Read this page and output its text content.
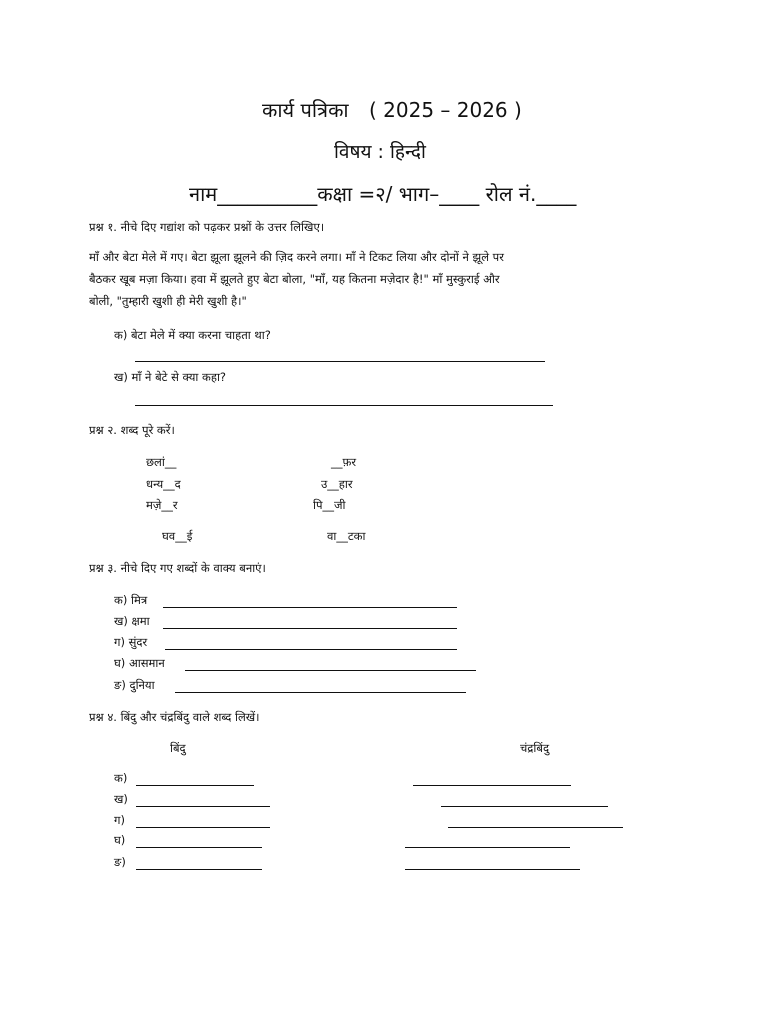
कार्य पत्रिका ( 2025 – 2026 )
विषय : हिन्दी
नाम__________कक्षा =२/ भाग–____ रोल नं.____
प्रश्न १. नीचे दिए गद्यांश को पढ़कर प्रश्नों के उत्तर लिखिए।
माँ और बेटा मेले में गए। बेटा झूला झूलने की ज़िद करने लगा। माँ ने टिकट लिया और दोनों ने झूले पर
बैठकर खूब मज़ा किया। हवा में झूलते हुए बेटा बोला, "माँ, यह कितना मज़ेदार है!" माँ मुस्कुराई और
बोली, "तुम्हारी खुशी ही मेरी खुशी है।"
क) बेटा मेले में क्या करना चाहता था?
ख) माँ ने बेटे से क्या कहा?
प्रश्न २. शब्द पूरे करें।
छलां__
धन्य__द
मज़े__र
घव__ई
__फ़र
उ__हार
पि__जी
वा__टका
प्रश्न ३. नीचे दिए गए शब्दों के वाक्य बनाएं।
क) मित्र
ख) क्षमा
ग) सुंदर
घ) आसमान
ङ) दुनिया
प्रश्न ४. बिंदु और चंद्रबिंदु वाले शब्द लिखें।
बिंदु	चंद्रबिंदु
क)
ख)
ग)
घ)
ङ)
